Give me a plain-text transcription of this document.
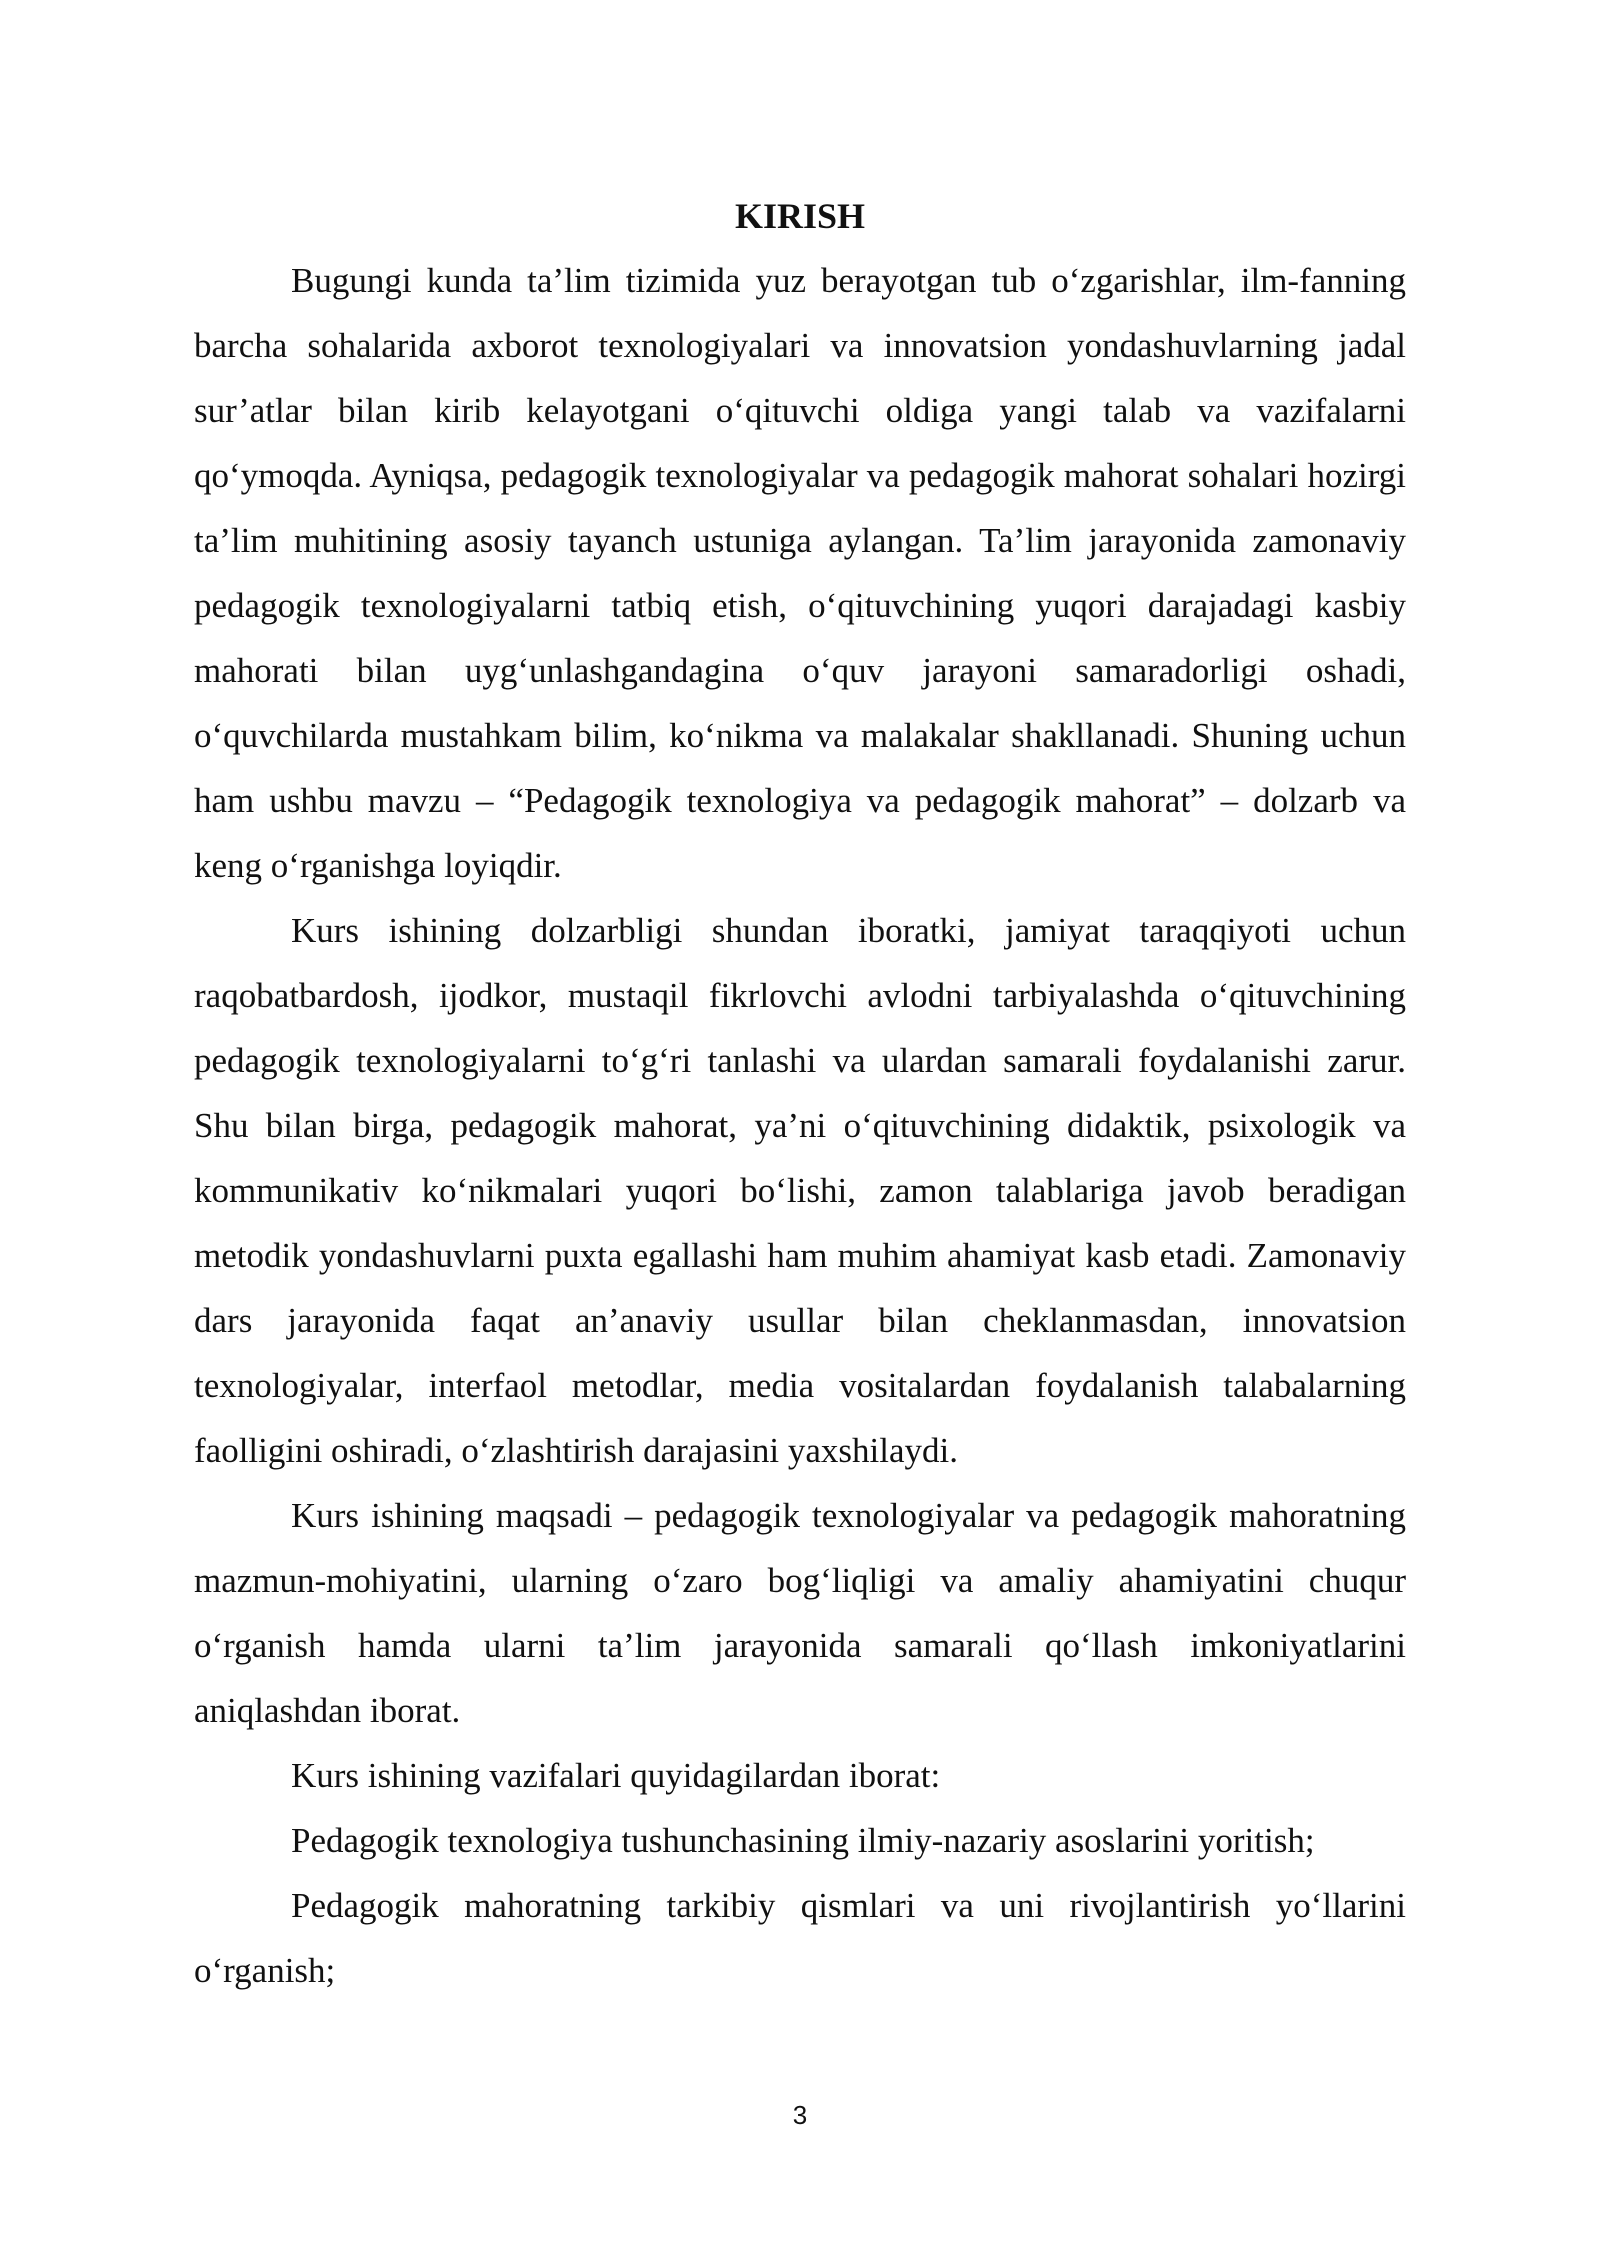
KIRISH

Bugungi kunda ta’lim tizimida yuz berayotgan tub o‘zgarishlar, ilm-fanning barcha sohalarida axborot texnologiyalari va innovatsion yondashuvlarning jadal sur’atlar bilan kirib kelayotgani o‘qituvchi oldiga yangi talab va vazifalarni qo‘ymoqda. Ayniqsa, pedagogik texnologiyalar va pedagogik mahorat sohalari hozirgi ta’lim muhitining asosiy tayanch ustuniga aylangan. Ta’lim jarayonida zamonaviy pedagogik texnologiyalarni tatbiq etish, o‘qituvchining yuqori darajadagi kasbiy mahorati bilan uyg‘unlashgandagina o‘quv jarayoni samaradorligi oshadi, o‘quvchilarda mustahkam bilim, ko‘nikma va malakalar shakllanadi. Shuning uchun ham ushbu mavzu – “Pedagogik texnologiya va pedagogik mahorat” – dolzarb va keng o‘rganishga loyiqdir.

Kurs ishining dolzarbligi shundan iboratki, jamiyat taraqqiyoti uchun raqobatbardosh, ijodkor, mustaqil fikrlovchi avlodni tarbiyalashda o‘qituvchining pedagogik texnologiyalarni to‘g‘ri tanlashi va ulardan samarali foydalanishi zarur. Shu bilan birga, pedagogik mahorat, ya’ni o‘qituvchining didaktik, psixologik va kommunikativ ko‘nikmalari yuqori bo‘lishi, zamon talablariga javob beradigan metodik yondashuvlarni puxta egallashi ham muhim ahamiyat kasb etadi. Zamonaviy dars jarayonida faqat an’anaviy usullar bilan cheklanmasdan, innovatsion texnologiyalar, interfaol metodlar, media vositalardan foydalanish talabalarning faolligini oshiradi, o‘zlashtirish darajasini yaxshilaydi.

Kurs ishining maqsadi – pedagogik texnologiyalar va pedagogik mahoratning mazmun-mohiyatini, ularning o‘zaro bog‘liqligi va amaliy ahamiyatini chuqur o‘rganish hamda ularni ta’lim jarayonida samarali qo‘llash imkoniyatlarini aniqlashdan iborat.

Kurs ishining vazifalari quyidagilardan iborat:

Pedagogik texnologiya tushunchasining ilmiy-nazariy asoslarini yoritish;

Pedagogik mahoratning tarkibiy qismlari va uni rivojlantirish yo‘llarini o‘rganish;

3
